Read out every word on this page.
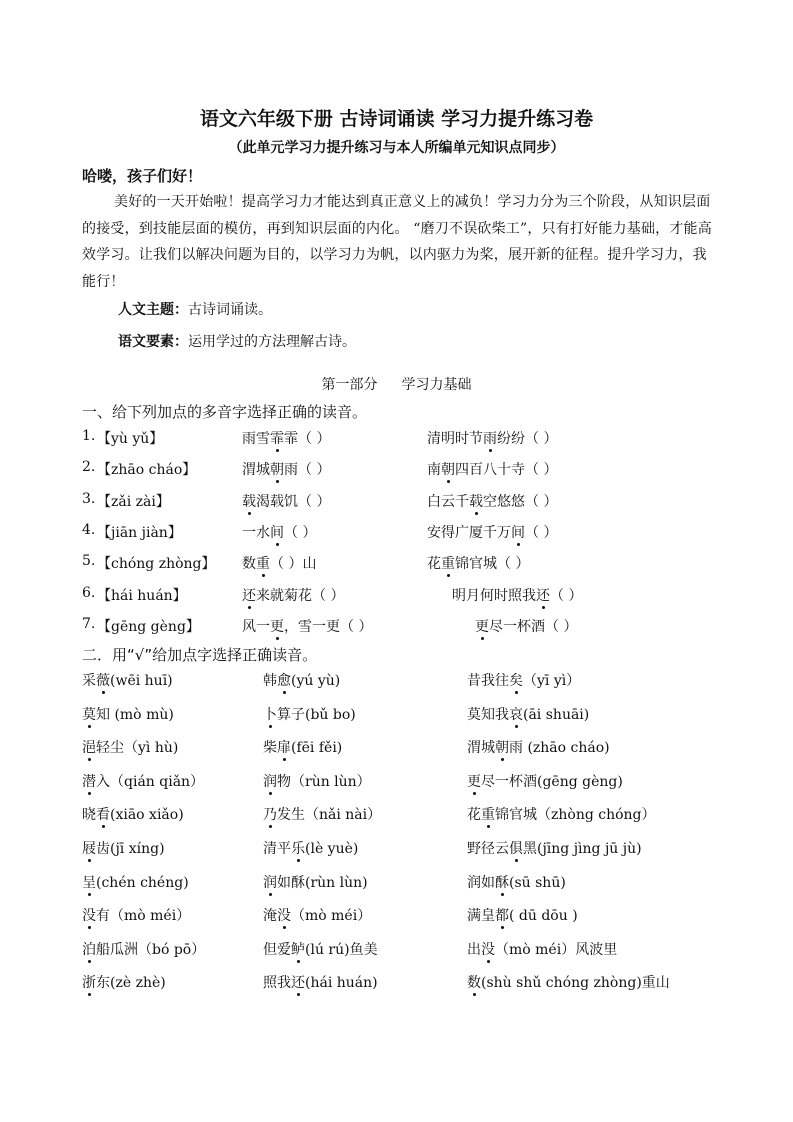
语文六年级下册 古诗词诵读 学习力提升练习卷
（此单元学习力提升练习与本人所编单元知识点同步）
哈喽，孩子们好！
美好的一天开始啦！提高学习力才能达到真正意义上的减负！学习力分为三个阶段，从知识层面的接受，到技能层面的模仿，再到知识层面的内化。 “磨刀不误砍柴工”，只有打好能力基础，才能高效学习。让我们以解决问题为目的，以学习力为帆，以内驱力为桨，展开新的征程。提升学习力，我能行！
人文主题：古诗词诵读。
语文要素：运用学过的方法理解古诗。
第一部分 学习力基础
一、给下列加点的多音字选择正确的读音。
1. 【yù yǔ】	雨雪霏霏（ ）	清明时节雨纷纷（ ）
2. 【zhāo cháo】	渭城朝雨（ ）	南朝四百八十寺（ ）
3. 【zǎi zài】	载渴载饥（ ）	白云千载空悠悠（ ）
4. 【jiān jiàn】	一水间（ ）	安得广厦千万间（ ）
5. 【chóng zhòng】 数重（ ）山	花重锦官城（ ）
6. 【hái huán】	还来就菊花（ ）	明月何时照我还（ ）
7. 【gēng gèng】	风一更，雪一更（ ）	更尽一杯酒（ ）
二．用“√”给加点字选择正确读音。
采薇(wēi huī)	韩愈(yú yù)	昔我往矣（yī yì）
莫知 (mò mù)	卜算子(bǔ bo)	莫知我哀(āi shuāi)
浥轻尘（yì hù)	柴扉(fēi fěi)	渭城朝雨 (zhāo cháo)
潜入（qián qiǎn）	润物（rùn lùn）	更尽一杯酒(gēng gèng)
晓看(xiāo xiǎo)	乃发生（nǎi nài）	花重锦官城（zhòng chóng）
屐齿(jī xíng)	清平乐(lè yuè)	野径云俱黑(jīng jìng jū jù)
呈(chén chéng)	润如酥(rùn lùn)	润如酥(sū shū)
没有（mò méi）	淹没（mò méi）	满皇都( dū dōu )
泊船瓜洲（bó pō）	但爱鲈(lú rú)鱼美	出没（mò méi）风波里
浙东(zè zhè)	照我还(hái huán)	数(shù shǔ chóng zhòng)重山
